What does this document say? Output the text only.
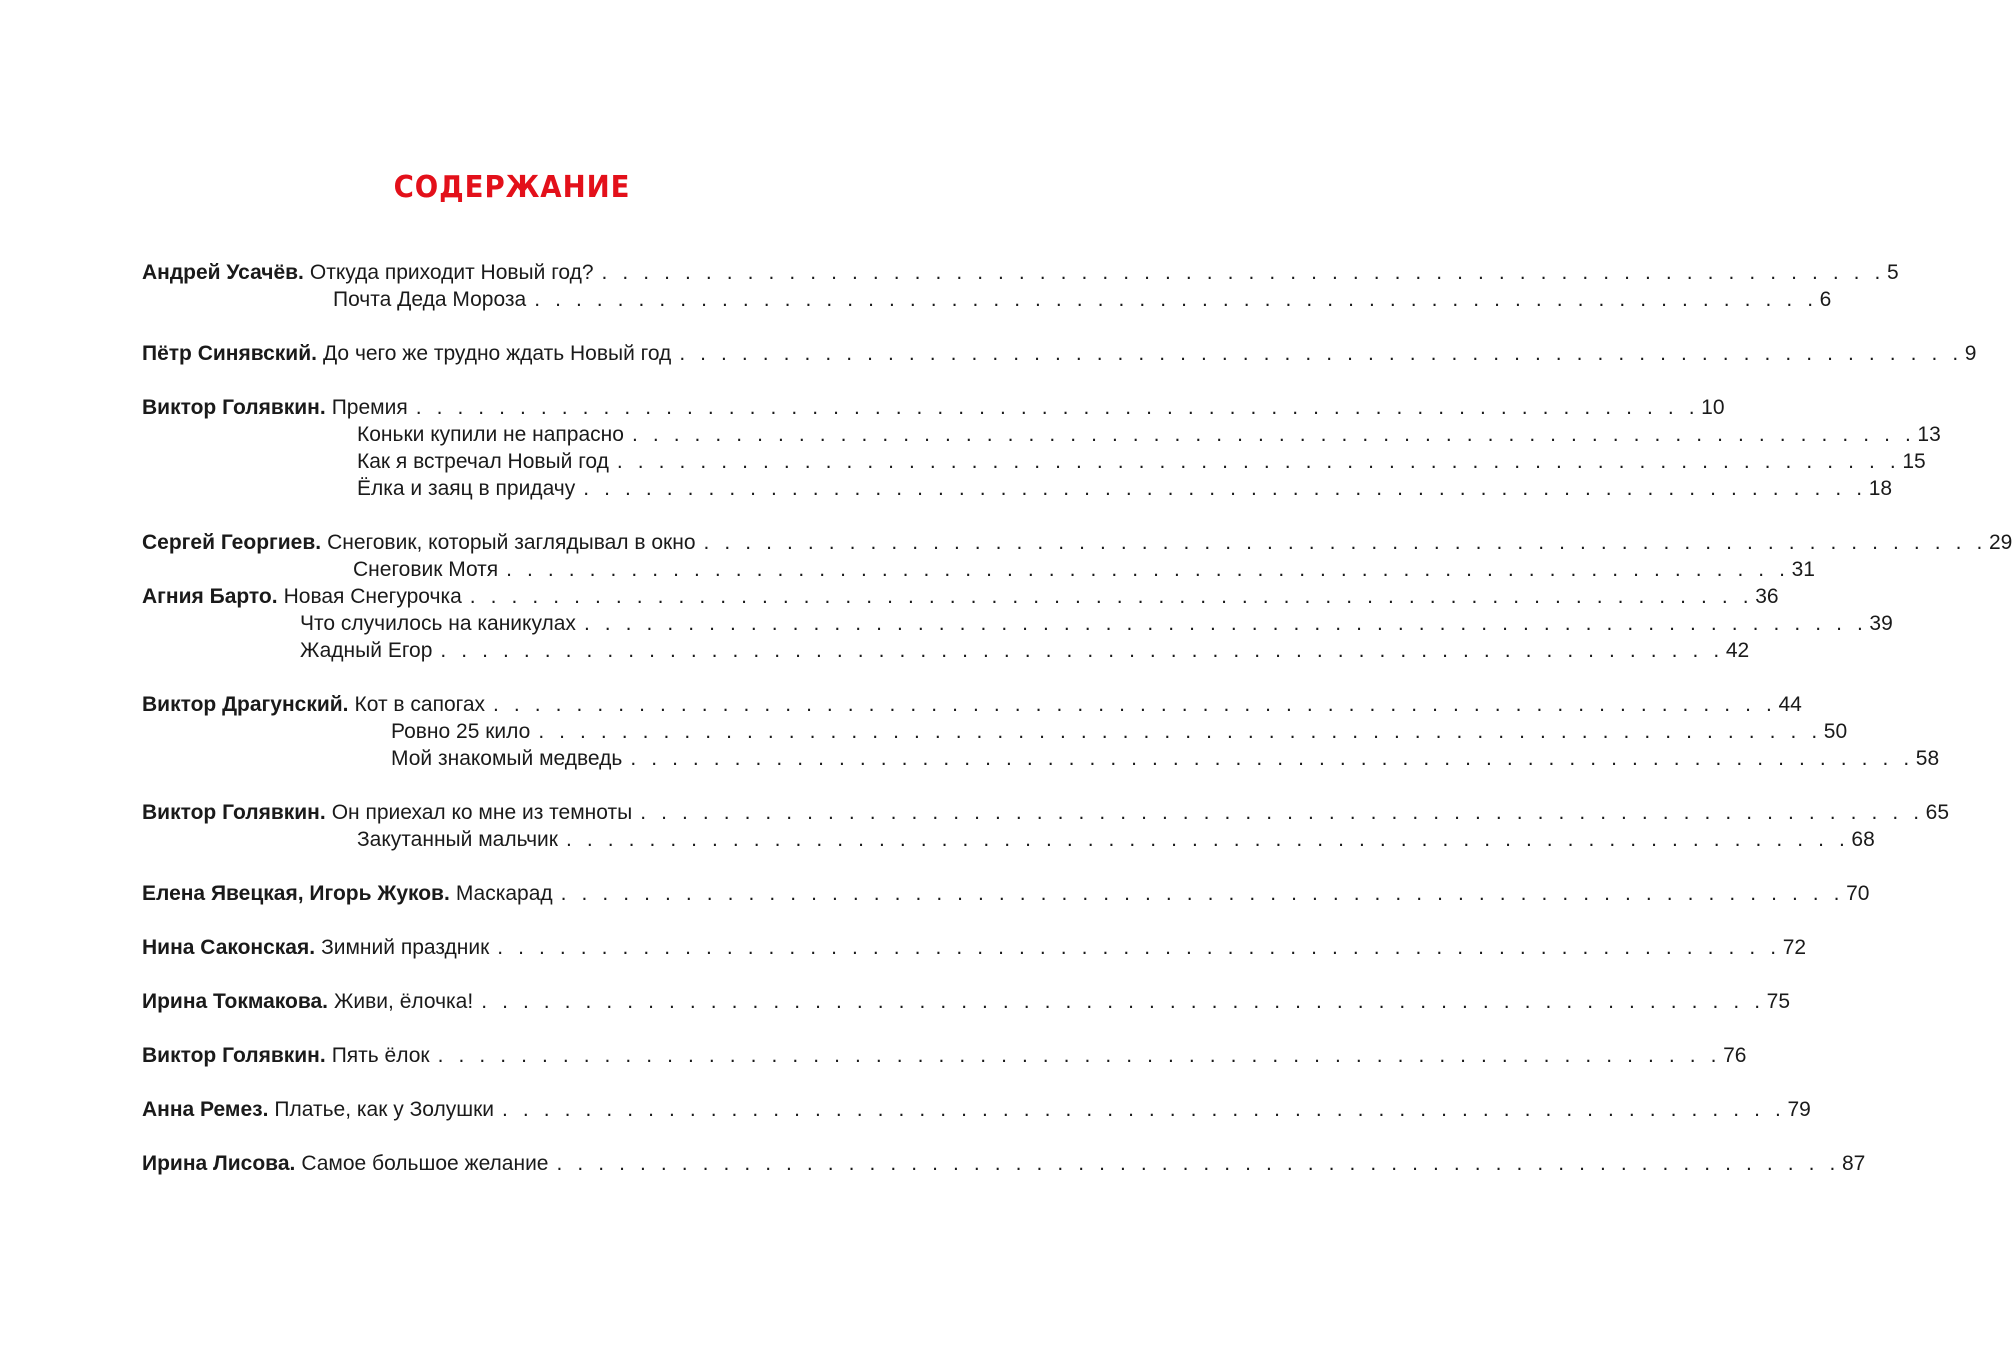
СОДЕРЖАНИЕ
Андрей Усачёв. Откуда приходит Новый год? . . . . . . . . . . . . . . . . . . . . . . . . . . . . . . . . . . . . . . . . . . . . . . . . . . . . . . . . . . . . . . 5
Почта Деда Мороза . . . . . . . . . . . . . . . . . . . . . . . . . . . . . . . . . . . . . . . . . . . . . . . . . . . . . . . . . . . . . . 6
Пётр Синявский. До чего же трудно ждать Новый год . . . . . . . . . . . . . . . . . . . . . . . . . . . . . . . . . . . . . . . . . . . . . . . . . . . . . . . . . . . . . . 9
Виктор Голявкин. Премия . . . . . . . . . . . . . . . . . . . . . . . . . . . . . . . . . . . . . . . . . . . . . . . . . . . . . . . . . . . . . . 10
Коньки купили не напрасно . . . . . . . . . . . . . . . . . . . . . . . . . . . . . . . . . . . . . . . . . . . . . . . . . . . . . . . . . . . . . . 13
Как я встречал Новый год . . . . . . . . . . . . . . . . . . . . . . . . . . . . . . . . . . . . . . . . . . . . . . . . . . . . . . . . . . . . . . 15
Ёлка и заяц в придачу . . . . . . . . . . . . . . . . . . . . . . . . . . . . . . . . . . . . . . . . . . . . . . . . . . . . . . . . . . . . . . 18
Сергей Георгиев. Снеговик, который заглядывал в окно . . . . . . . . . . . . . . . . . . . . . . . . . . . . . . . . . . . . . . . . . . . . . . . . . . . . . . . . . . . . . . 29
Снеговик Мотя . . . . . . . . . . . . . . . . . . . . . . . . . . . . . . . . . . . . . . . . . . . . . . . . . . . . . . . . . . . . . . 31
Агния Барто. Новая Снегурочка . . . . . . . . . . . . . . . . . . . . . . . . . . . . . . . . . . . . . . . . . . . . . . . . . . . . . . . . . . . . . . 36
Что случилось на каникулах . . . . . . . . . . . . . . . . . . . . . . . . . . . . . . . . . . . . . . . . . . . . . . . . . . . . . . . . . . . . . . 39
Жадный Егор . . . . . . . . . . . . . . . . . . . . . . . . . . . . . . . . . . . . . . . . . . . . . . . . . . . . . . . . . . . . . . 42
Виктор Драгунский. Кот в сапогах . . . . . . . . . . . . . . . . . . . . . . . . . . . . . . . . . . . . . . . . . . . . . . . . . . . . . . . . . . . . . . 44
Ровно 25 кило . . . . . . . . . . . . . . . . . . . . . . . . . . . . . . . . . . . . . . . . . . . . . . . . . . . . . . . . . . . . . . 50
Мой знакомый медведь . . . . . . . . . . . . . . . . . . . . . . . . . . . . . . . . . . . . . . . . . . . . . . . . . . . . . . . . . . . . . . 58
Виктор Голявкин. Он приехал ко мне из темноты . . . . . . . . . . . . . . . . . . . . . . . . . . . . . . . . . . . . . . . . . . . . . . . . . . . . . . . . . . . . . . 65
Закутанный мальчик . . . . . . . . . . . . . . . . . . . . . . . . . . . . . . . . . . . . . . . . . . . . . . . . . . . . . . . . . . . . . . 68
Елена Явецкая, Игорь Жуков. Маскарад . . . . . . . . . . . . . . . . . . . . . . . . . . . . . . . . . . . . . . . . . . . . . . . . . . . . . . . . . . . . . . 70
Нина Саконская. Зимний праздник . . . . . . . . . . . . . . . . . . . . . . . . . . . . . . . . . . . . . . . . . . . . . . . . . . . . . . . . . . . . . . 72
Ирина Токмакова. Живи, ёлочка! . . . . . . . . . . . . . . . . . . . . . . . . . . . . . . . . . . . . . . . . . . . . . . . . . . . . . . . . . . . . . . 75
Виктор Голявкин. Пять ёлок . . . . . . . . . . . . . . . . . . . . . . . . . . . . . . . . . . . . . . . . . . . . . . . . . . . . . . . . . . . . . . 76
Анна Ремез. Платье, как у Золушки . . . . . . . . . . . . . . . . . . . . . . . . . . . . . . . . . . . . . . . . . . . . . . . . . . . . . . . . . . . . . . 79
Ирина Лисова. Самое большое желание . . . . . . . . . . . . . . . . . . . . . . . . . . . . . . . . . . . . . . . . . . . . . . . . . . . . . . . . . . . . . . 87
